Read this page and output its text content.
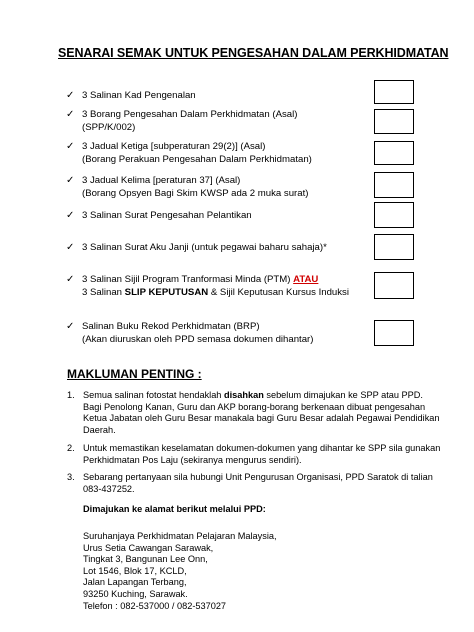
SENARAI SEMAK UNTUK PENGESAHAN DALAM PERKHIDMATAN
✓ 3 Salinan Kad Pengenalan
✓ 3 Borang Pengesahan Dalam Perkhidmatan (Asal)
(SPP/K/002)
✓ 3 Jadual Ketiga [subperaturan 29(2)] (Asal)
(Borang Perakuan Pengesahan Dalam Perkhidmatan)
✓ 3 Jadual Kelima [peraturan 37] (Asal)
(Borang Opsyen Bagi Skim KWSP ada 2 muka surat)
✓ 3 Salinan Surat Pengesahan Pelantikan
✓ 3 Salinan Surat Aku Janji (untuk pegawai baharu sahaja)*
✓ 3 Salinan Sijil Program Tranformasi Minda (PTM) ATAU
3 Salinan SLIP KEPUTUSAN & Sijil Keputusan Kursus Induksi
✓ Salinan Buku Rekod Perkhidmatan (BRP)
(Akan diuruskan oleh PPD semasa dokumen dihantar)
MAKLUMAN PENTING :
1. Semua salinan fotostat hendaklah disahkan sebelum dimajukan ke SPP atau PPD.
Bagi Penolong Kanan, Guru dan AKP borang-borang berkenaan dibuat pengesahan
Ketua Jabatan oleh Guru Besar manakala bagi Guru Besar adalah Pegawai Pendidikan
Daerah.
2. Untuk memastikan keselamatan dokumen-dokumen yang dihantar ke SPP sila gunakan
Perkhidmatan Pos Laju (sekiranya mengurus sendiri).
3. Sebarang pertanyaan sila hubungi Unit Pengurusan Organisasi, PPD Saratok di talian
083-437252.
Dimajukan ke alamat berikut melalui PPD:
Suruhanjaya Perkhidmatan Pelajaran Malaysia,
Urus Setia Cawangan Sarawak,
Tingkat 3, Bangunan Lee Onn,
Lot 1546, Blok 17, KCLD,
Jalan Lapangan Terbang,
93250 Kuching, Sarawak.
Telefon : 082-537000 / 082-537027
